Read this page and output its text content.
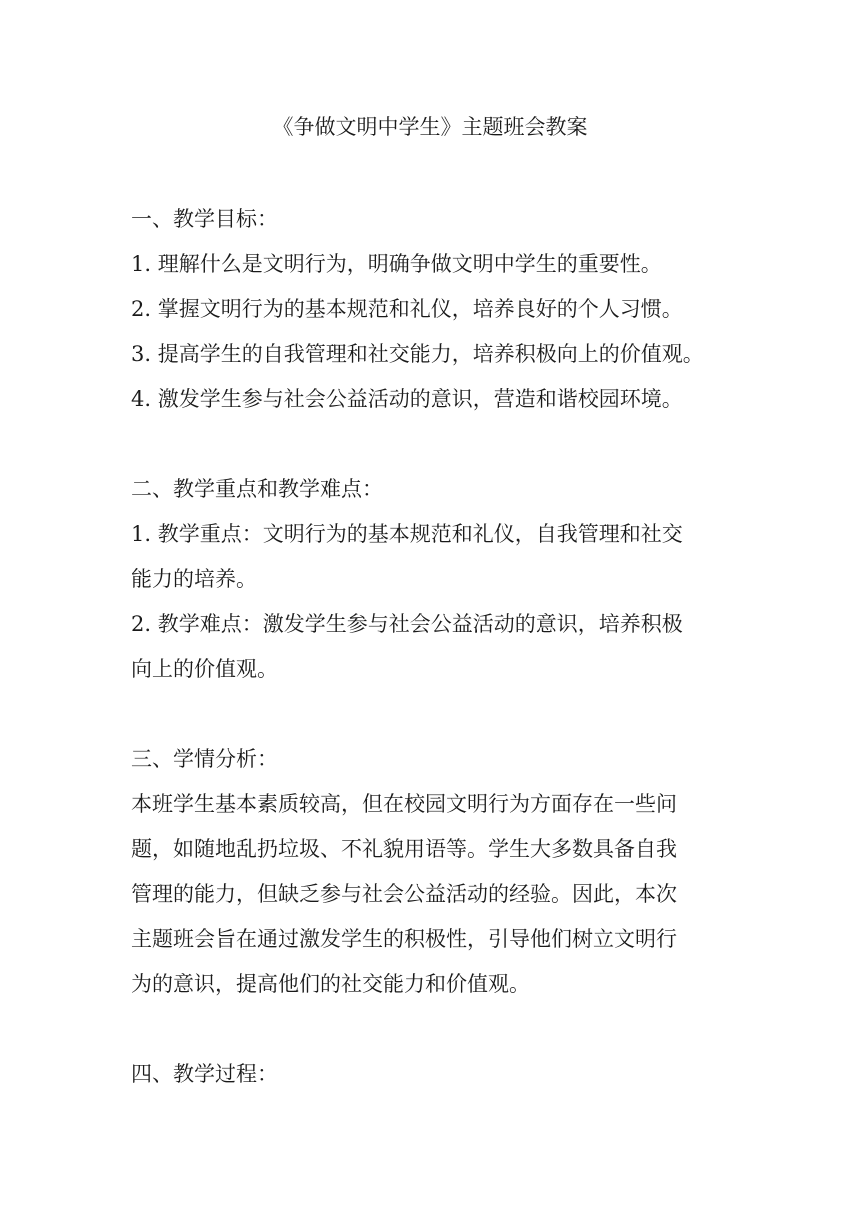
《争做文明中学生》主题班会教案
一、教学目标：
1. 理解什么是文明行为，明确争做文明中学生的重要性。
2. 掌握文明行为的基本规范和礼仪，培养良好的个人习惯。
3. 提高学生的自我管理和社交能力，培养积极向上的价值观。
4. 激发学生参与社会公益活动的意识，营造和谐校园环境。
二、教学重点和教学难点：
1. 教学重点：文明行为的基本规范和礼仪，自我管理和社交
能力的培养。
2. 教学难点：激发学生参与社会公益活动的意识，培养积极
向上的价值观。
三、学情分析：
本班学生基本素质较高，但在校园文明行为方面存在一些问
题，如随地乱扔垃圾、不礼貌用语等。学生大多数具备自我
管理的能力，但缺乏参与社会公益活动的经验。因此，本次
主题班会旨在通过激发学生的积极性，引导他们树立文明行
为的意识，提高他们的社交能力和价值观。
四、教学过程：
